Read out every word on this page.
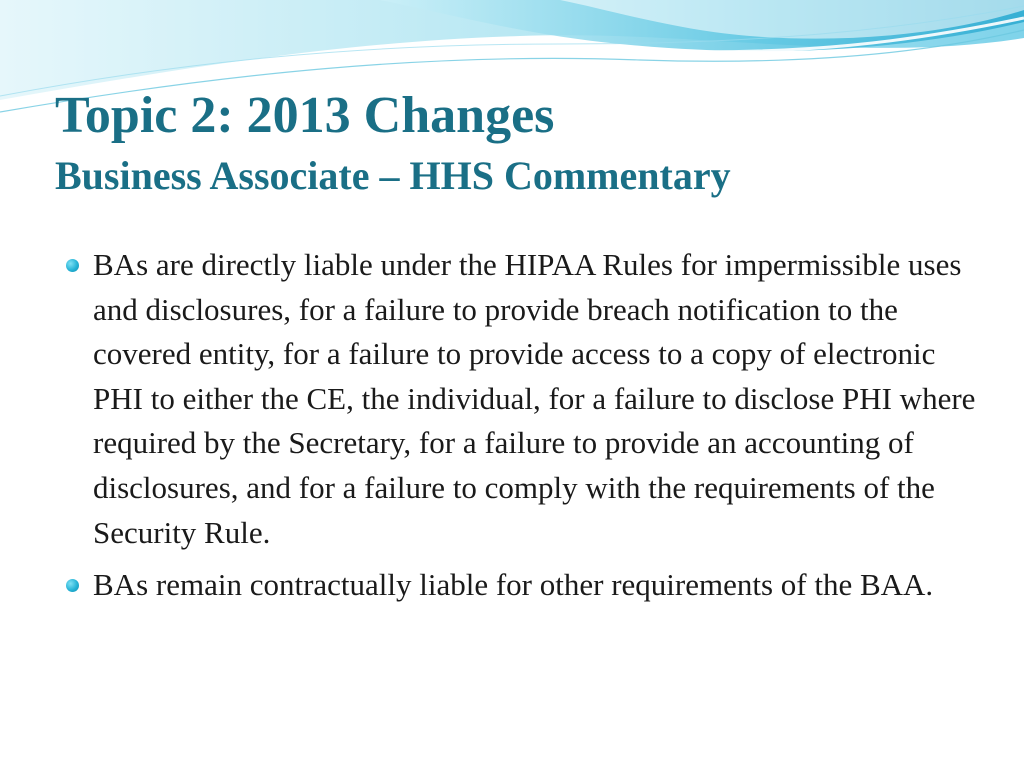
Topic 2: 2013 Changes
Business Associate – HHS Commentary
BAs are directly liable under the HIPAA Rules for impermissible uses and disclosures, for a failure to provide breach notification to the covered entity, for a failure to provide access to a copy of electronic PHI to either the CE, the individual, for a failure to disclose PHI where required by the Secretary, for a failure to provide an accounting of disclosures, and for a failure to comply with the requirements of the Security Rule.
BAs remain contractually liable for other requirements of the BAA.
